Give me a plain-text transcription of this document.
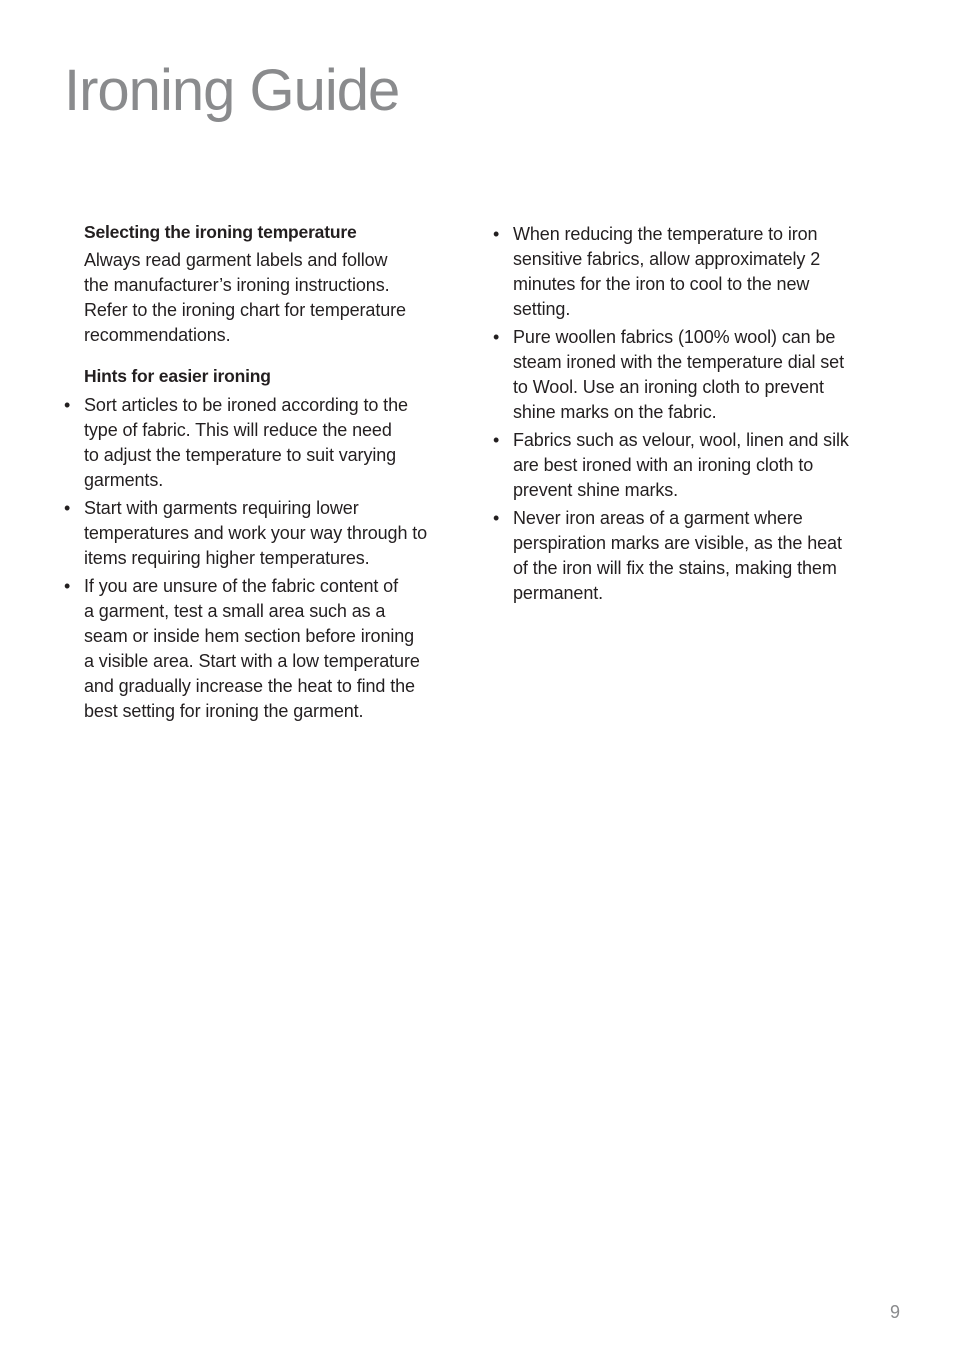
Ironing Guide
Selecting the ironing temperature

Always read garment labels and follow
the manufacturer’s ironing instructions.
Refer to the ironing chart for temperature
recommendations.

Hints for easier ironing
• Sort articles to be ironed according to the
type of fabric. This will reduce the need
to adjust the temperature to suit varying
garments.
• Start with garments requiring lower
temperatures and work your way through to
items requiring higher temperatures.
• If you are unsure of the fabric content of
a garment, test a small area such as a
seam or inside hem section before ironing
a visible area. Start with a low temperature
and gradually increase the heat to find the
best setting for ironing the garment.
• When reducing the temperature to iron
sensitive fabrics, allow approximately 2
minutes for the iron to cool to the new
setting.
• Pure woollen fabrics (100% wool) can be
steam ironed with the temperature dial set
to Wool. Use an ironing cloth to prevent
shine marks on the fabric.
• Fabrics such as velour, wool, linen and silk
are best ironed with an ironing cloth to
prevent shine marks.
• Never iron areas of a garment where
perspiration marks are visible, as the heat
of the iron will fix the stains, making them
permanent.
9
